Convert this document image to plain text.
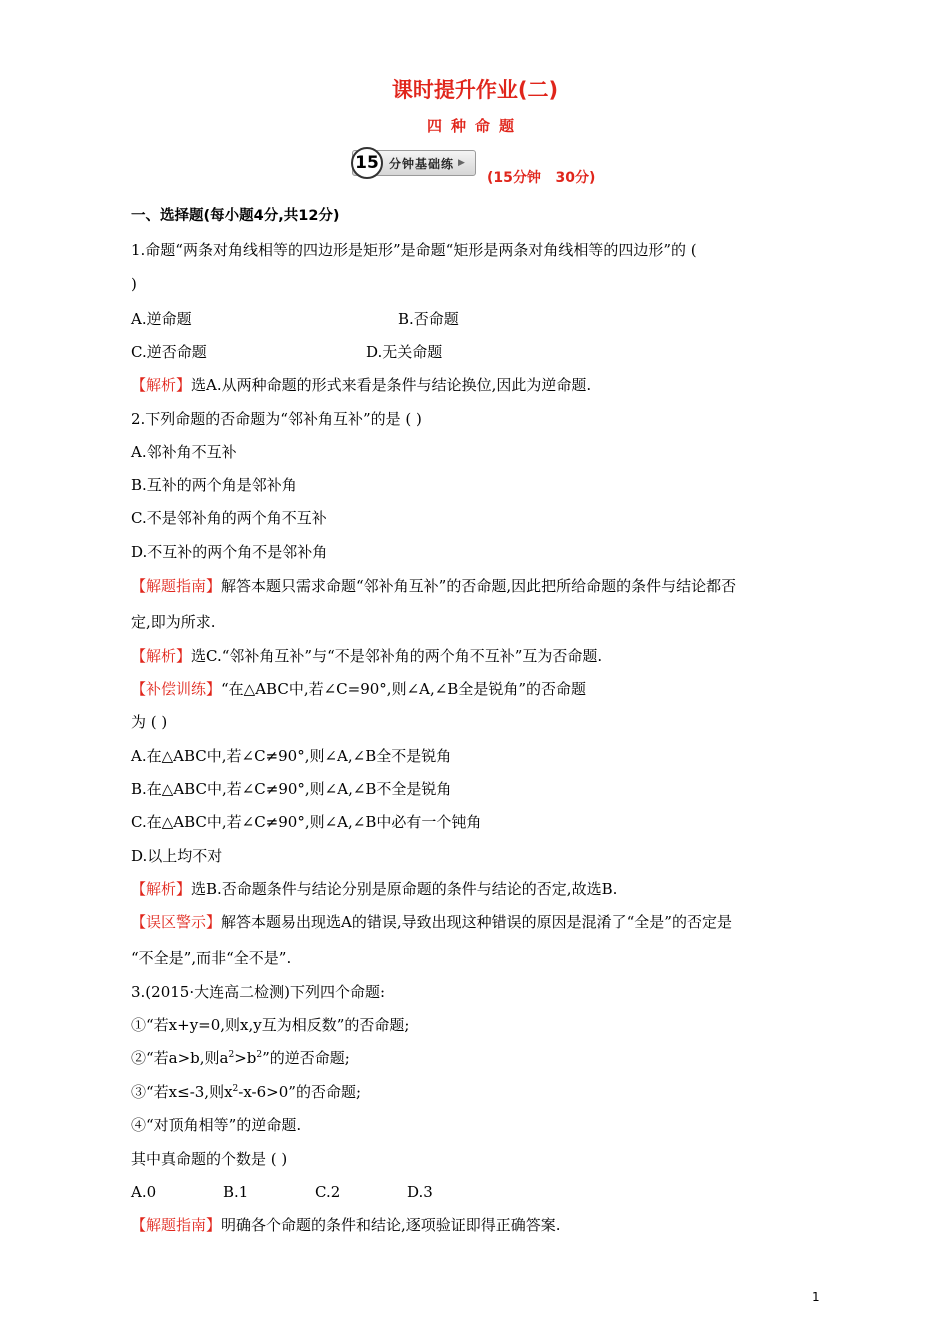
课时提升作业(二)
四种命题
15 分钟基础练 ▶
(15分钟   30分)
一、选择题(每小题4分,共12分)
1.命题“两条对角线相等的四边形是矩形”是命题“矩形是两条对角线相等的四边形”的 (
)
A.逆命题	B.否命题
C.逆否命题	D.无关命题
【解析】选A.从两种命题的形式来看是条件与结论换位,因此为逆命题.
2.下列命题的否命题为“邻补角互补”的是 ( )
A.邻补角不互补
B.互补的两个角是邻补角
C.不是邻补角的两个角不互补
D.不互补的两个角不是邻补角
【解题指南】解答本题只需求命题“邻补角互补”的否命题,因此把所给命题的条件与结论都否
定,即为所求.
【解析】选C.“邻补角互补”与“不是邻补角的两个角不互补”互为否命题.
【补偿训练】“在△ABC中,若∠C=90°,则∠A,∠B全是锐角”的否命题
为 ( )
A.在△ABC中,若∠C≠90°,则∠A,∠B全不是锐角
B.在△ABC中,若∠C≠90°,则∠A,∠B不全是锐角
C.在△ABC中,若∠C≠90°,则∠A,∠B中必有一个钝角
D.以上均不对
【解析】选B.否命题条件与结论分别是原命题的条件与结论的否定,故选B.
【误区警示】解答本题易出现选A的错误,导致出现这种错误的原因是混淆了“全是”的否定是
“不全是”,而非“全不是”.
3.(2015·大连高二检测)下列四个命题:
①“若x+y=0,则x,y互为相反数”的否命题;
②“若a>b,则$a^2>b^2$”的逆否命题;
③“若x≤-3,则$x^2-x-6>0$”的否命题;
④“对顶角相等”的逆命题.
其中真命题的个数是 ( )
A.0	B.1	C.2	D.3
【解题指南】明确各个命题的条件和结论,逐项验证即得正确答案.
1
